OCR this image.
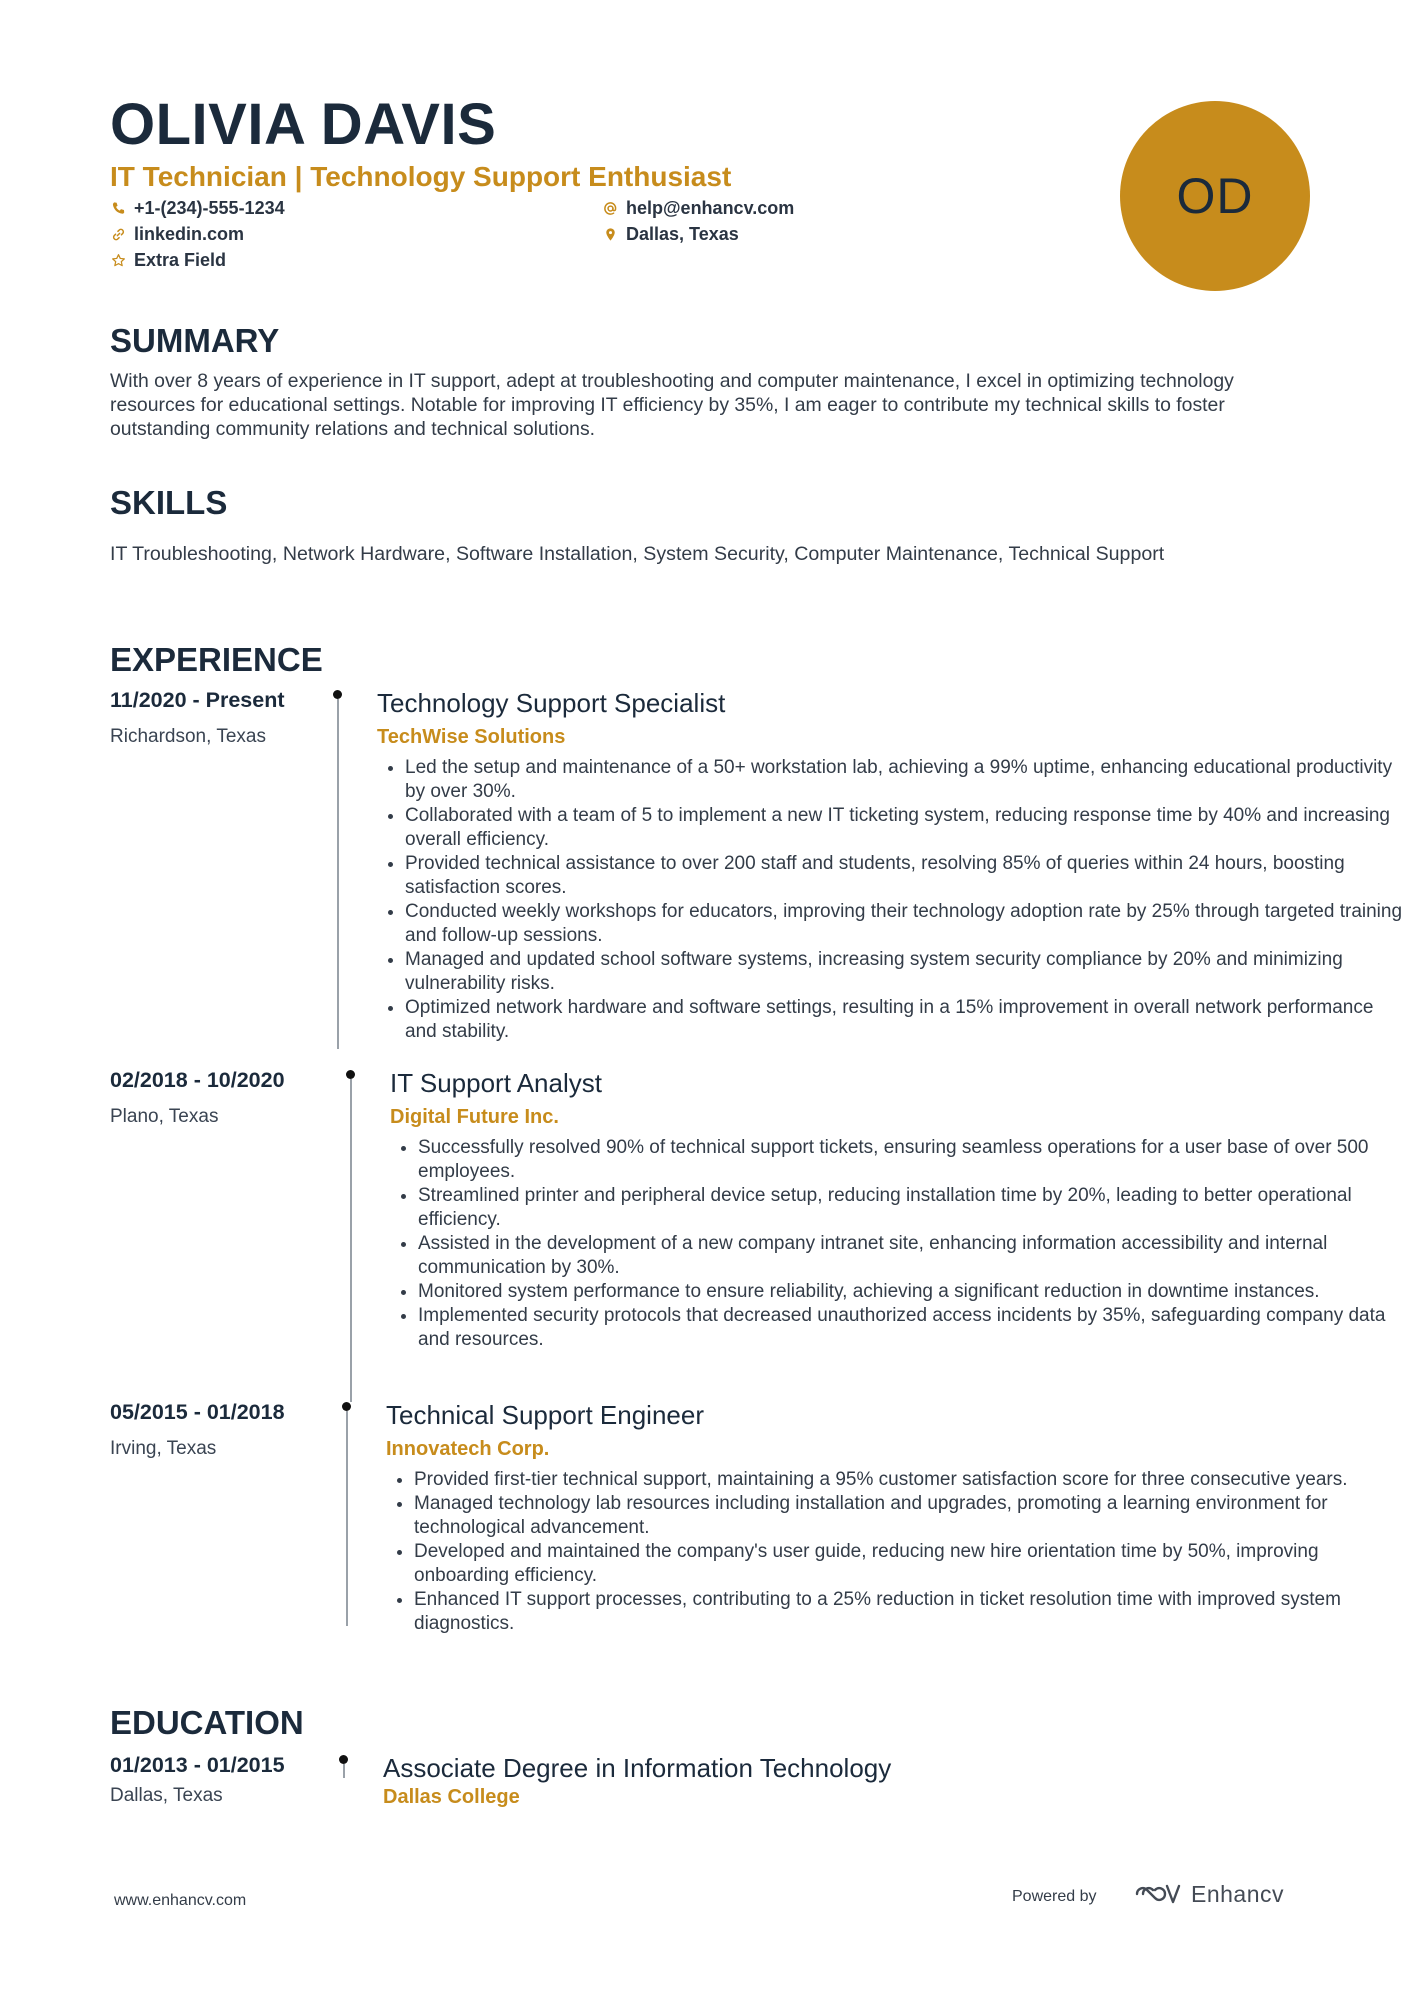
OLIVIA DAVIS
IT Technician | Technology Support Enthusiast
+1-(234)-555-1234	help@enhancv.com
linkedin.com	Dallas, Texas
Extra Field
OD
SUMMARY
With over 8 years of experience in IT support, adept at troubleshooting and computer maintenance, I excel in optimizing technology resources for educational settings. Notable for improving IT efficiency by 35%, I am eager to contribute my technical skills to foster outstanding community relations and technical solutions.
SKILLS
IT Troubleshooting, Network Hardware, Software Installation, System Security, Computer Maintenance, Technical Support
EXPERIENCE
11/2020 - Present
Richardson, Texas
Technology Support Specialist
TechWise Solutions
• Led the setup and maintenance of a 50+ workstation lab, achieving a 99% uptime, enhancing educational productivity by over 30%.
• Collaborated with a team of 5 to implement a new IT ticketing system, reducing response time by 40% and increasing overall efficiency.
• Provided technical assistance to over 200 staff and students, resolving 85% of queries within 24 hours, boosting satisfaction scores.
• Conducted weekly workshops for educators, improving their technology adoption rate by 25% through targeted training and follow-up sessions.
• Managed and updated school software systems, increasing system security compliance by 20% and minimizing vulnerability risks.
• Optimized network hardware and software settings, resulting in a 15% improvement in overall network performance and stability.
02/2018 - 10/2020
Plano, Texas
IT Support Analyst
Digital Future Inc.
• Successfully resolved 90% of technical support tickets, ensuring seamless operations for a user base of over 500 employees.
• Streamlined printer and peripheral device setup, reducing installation time by 20%, leading to better operational efficiency.
• Assisted in the development of a new company intranet site, enhancing information accessibility and internal communication by 30%.
• Monitored system performance to ensure reliability, achieving a significant reduction in downtime instances.
• Implemented security protocols that decreased unauthorized access incidents by 35%, safeguarding company data and resources.
05/2015 - 01/2018
Irving, Texas
Technical Support Engineer
Innovatech Corp.
• Provided first-tier technical support, maintaining a 95% customer satisfaction score for three consecutive years.
• Managed technology lab resources including installation and upgrades, promoting a learning environment for technological advancement.
• Developed and maintained the company's user guide, reducing new hire orientation time by 50%, improving onboarding efficiency.
• Enhanced IT support processes, contributing to a 25% reduction in ticket resolution time with improved system diagnostics.
EDUCATION
01/2013 - 01/2015
Dallas, Texas
Associate Degree in Information Technology
Dallas College
www.enhancv.com	Powered by	Enhancv
